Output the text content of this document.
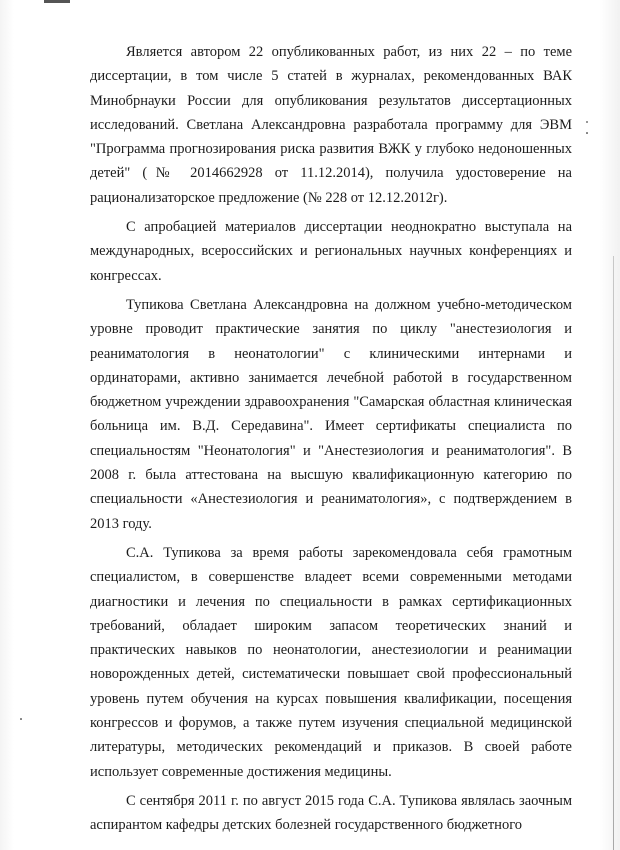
Является автором 22 опубликованных работ, из них 22 – по теме диссертации, в том числе 5 статей в журналах, рекомендованных ВАК Минобрнауки России для опубликования результатов диссертационных исследований. Светлана Александровна разработала программу для ЭВМ "Программа прогнозирования риска развития ВЖК у глубоко недоношенных детей" (№ 2014662928 от 11.12.2014), получила удостоверение на рационализаторское предложение (№ 228 от 12.12.2012г).

С апробацией материалов диссертации неоднократно выступала на международных, всероссийских и региональных научных конференциях и конгрессах.

Тупикова Светлана Александровна на должном учебно-методическом уровне проводит практические занятия по циклу "анестезиология и реаниматология в неонатологии" с клиническими интернами и ординаторами, активно занимается лечебной работой в государственном бюджетном учреждении здравоохранения "Самарская областная клиническая больница им. В.Д. Середавина". Имеет сертификаты специалиста по специальностям "Неонатология" и "Анестезиология и реаниматология". В 2008 г. была аттестована на высшую квалификационную категорию по специальности «Анестезиология и реаниматология», с подтверждением в 2013 году.

С.А. Тупикова за время работы зарекомендовала себя грамотным специалистом, в совершенстве владеет всеми современными методами диагностики и лечения по специальности в рамках сертификационных требований, обладает широким запасом теоретических знаний и практических навыков по неонатологии, анестезиологии и реанимации новорожденных детей, систематически повышает свой профессиональный уровень путем обучения на курсах повышения квалификации, посещения конгрессов и форумов, а также путем изучения специальной медицинской литературы, методических рекомендаций и приказов. В своей работе использует современные достижения медицины.

С сентября 2011 г. по август 2015 года С.А. Тупикова являлась заочным аспирантом кафедры детских болезней государственного бюджетного
